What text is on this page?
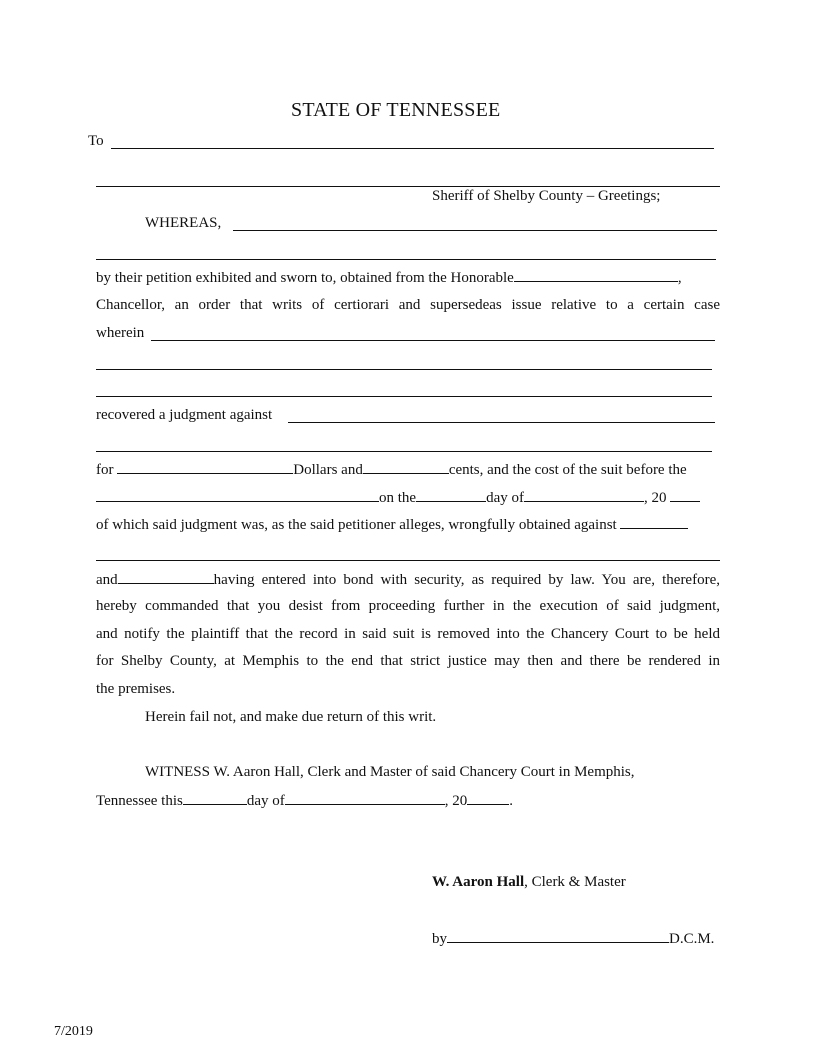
STATE OF TENNESSEE
To
Sheriff of Shelby County – Greetings;
WHEREAS,
by their petition exhibited and sworn to, obtained from the Honorable	,
Chancellor, an order that writs of certiorari and supersedeas issue relative to a certain case
wherein
recovered a judgment against
for	Dollars and	cents, and the cost of the suit before the
on the	day of	, 20
of which said judgment was, as the said petitioner alleges, wrongfully obtained against
and	having entered into bond with security, as required by law. You are, therefore,
hereby commanded that you desist from proceeding further in the execution of said judgment,
and notify the plaintiff that the record in said suit is removed into the Chancery Court to be held
for Shelby County, at Memphis to the end that strict justice may then and there be rendered in
the premises.
Herein fail not, and make due return of this writ.
WITNESS W. Aaron Hall, Clerk and Master of said Chancery Court in Memphis,
Tennessee this	day of	, 20	.
W. Aaron Hall, Clerk & Master
by	D.C.M.
7/2019
